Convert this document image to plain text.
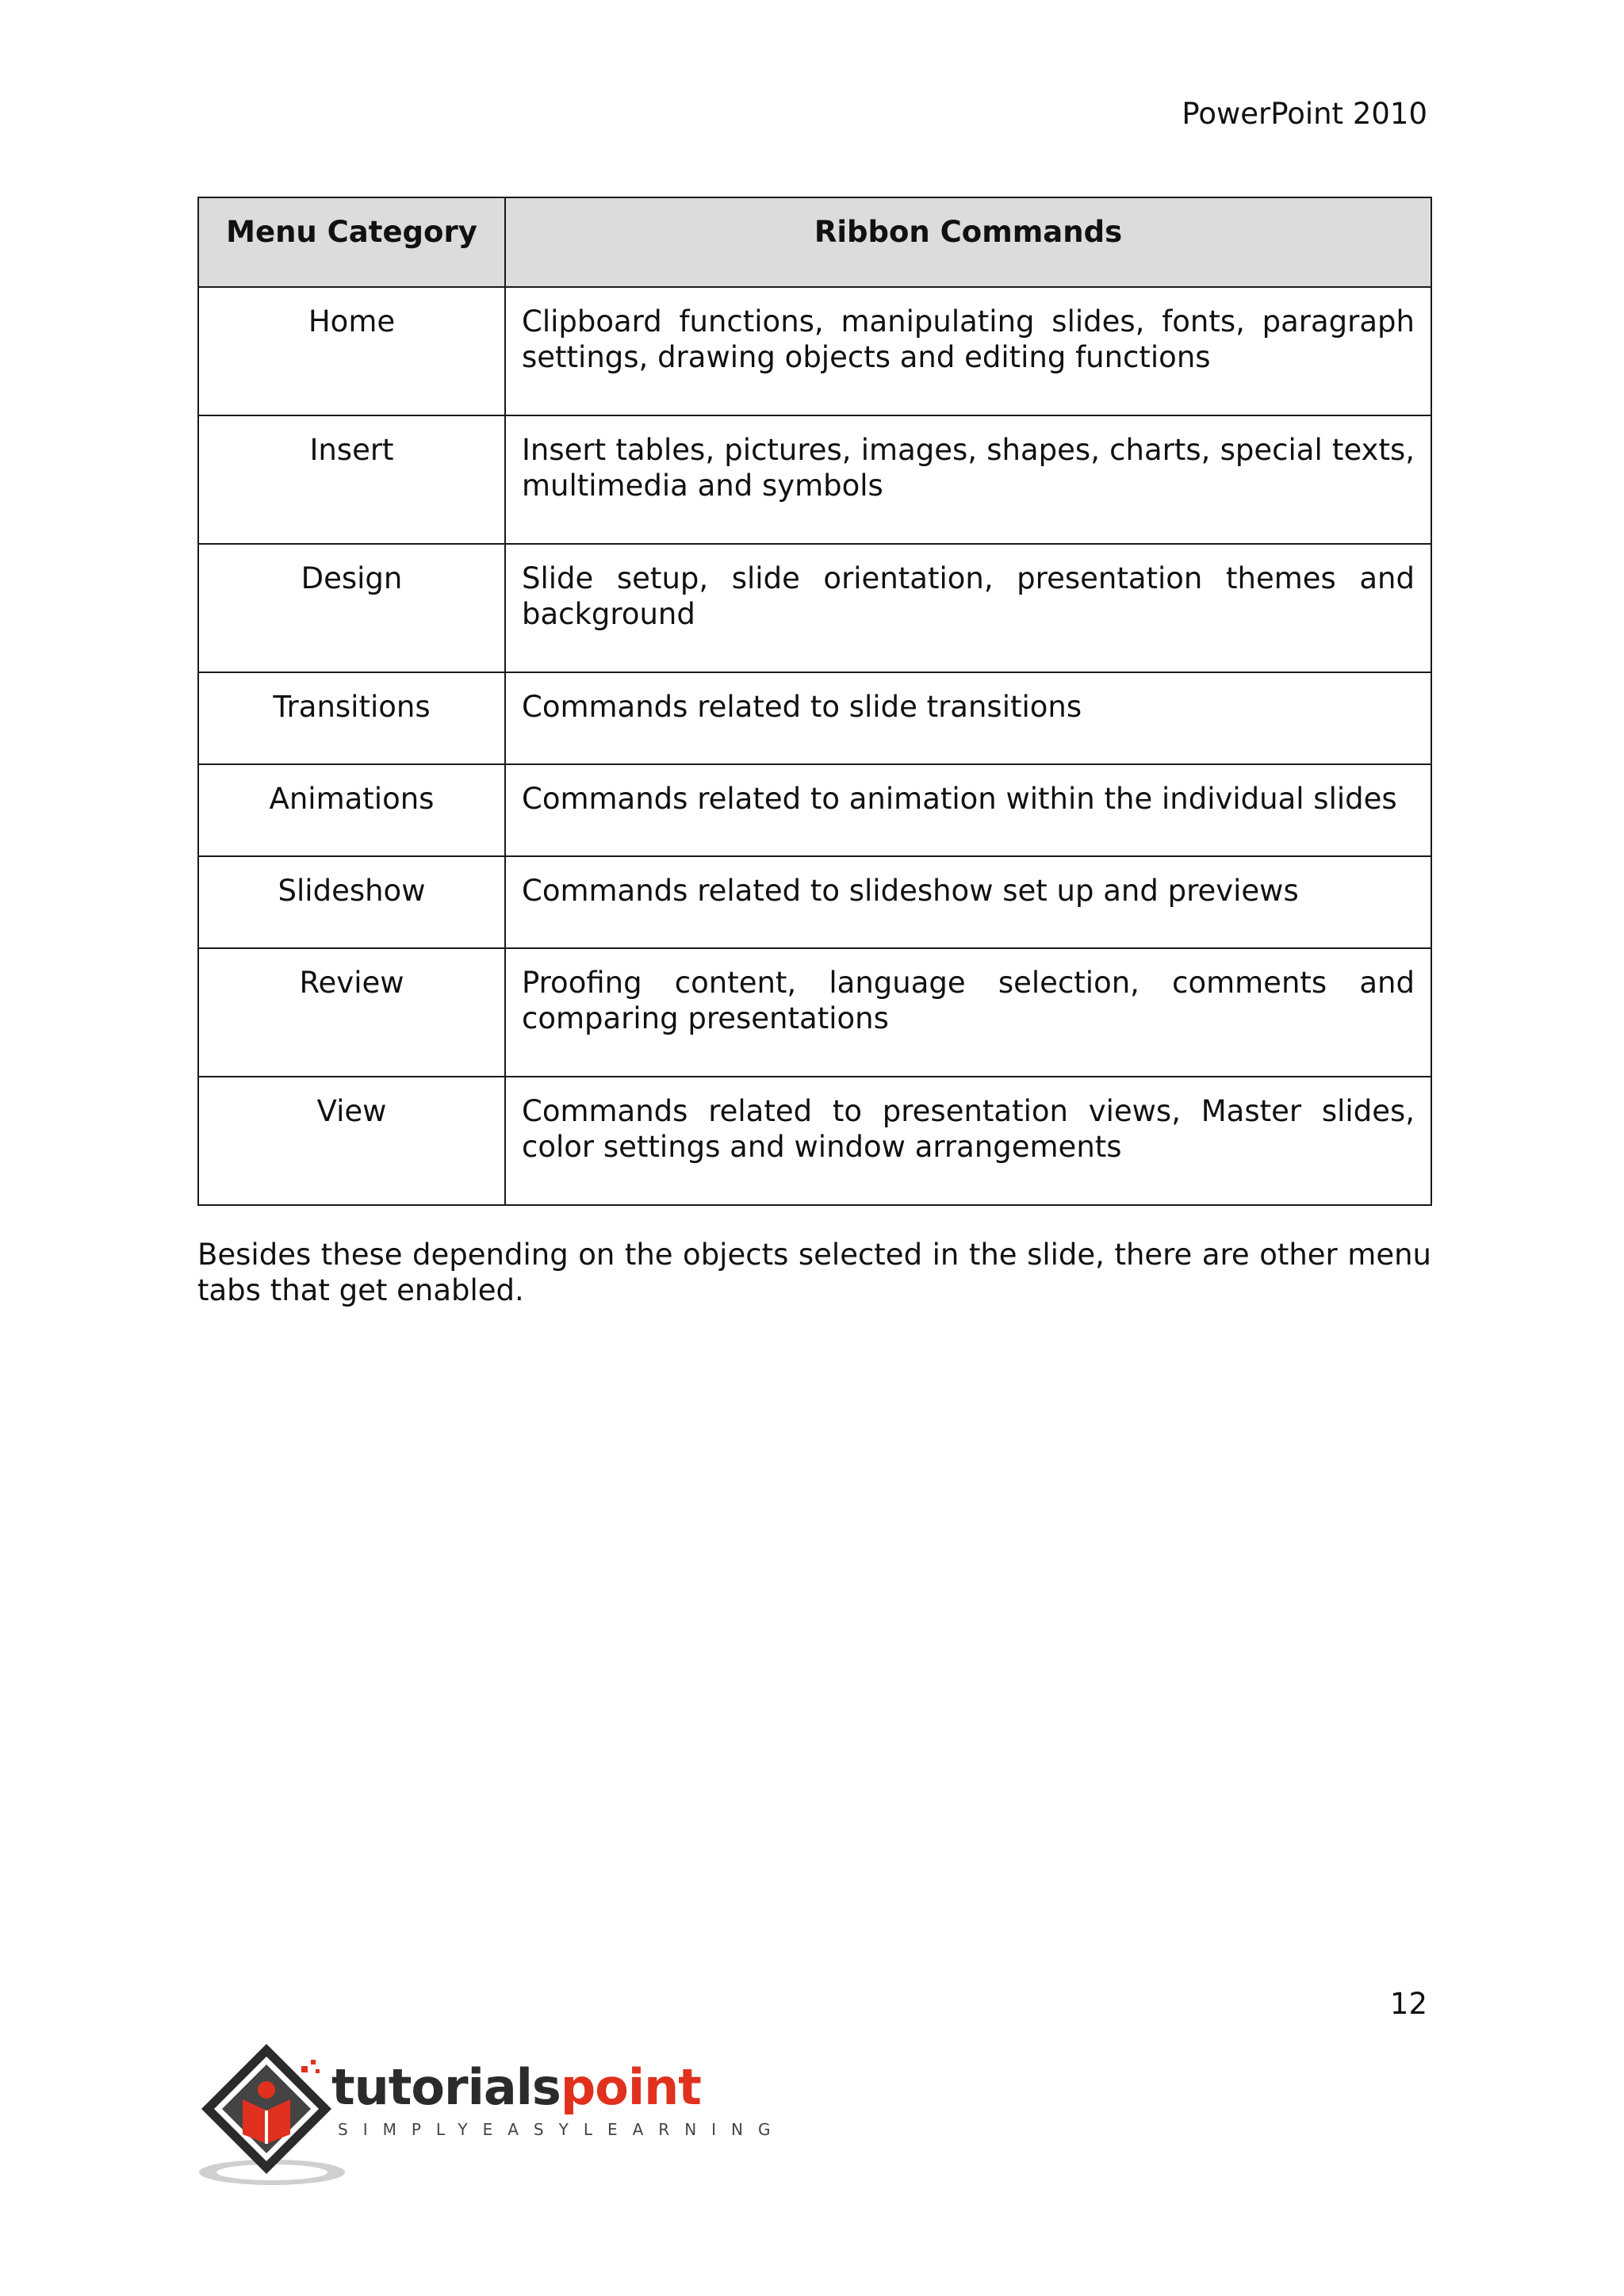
PowerPoint 2010
Menu Category	Ribbon Commands
Home	Clipboard functions, manipulating slides, fonts, paragraph settings, drawing objects and editing functions
Insert	Insert tables, pictures, images, shapes, charts, special texts, multimedia and symbols
Design	Slide setup, slide orientation, presentation themes and background
Transitions	Commands related to slide transitions
Animations	Commands related to animation within the individual slides
Slideshow	Commands related to slideshow set up and previews
Review	Proofing content, language selection, comments and comparing presentations
View	Commands related to presentation views, Master slides, color settings and window arrangements

Besides these depending on the objects selected in the slide, there are other menu tabs that get enabled.

12
tutorialspoint
SIMPLYEASYLEARNING
